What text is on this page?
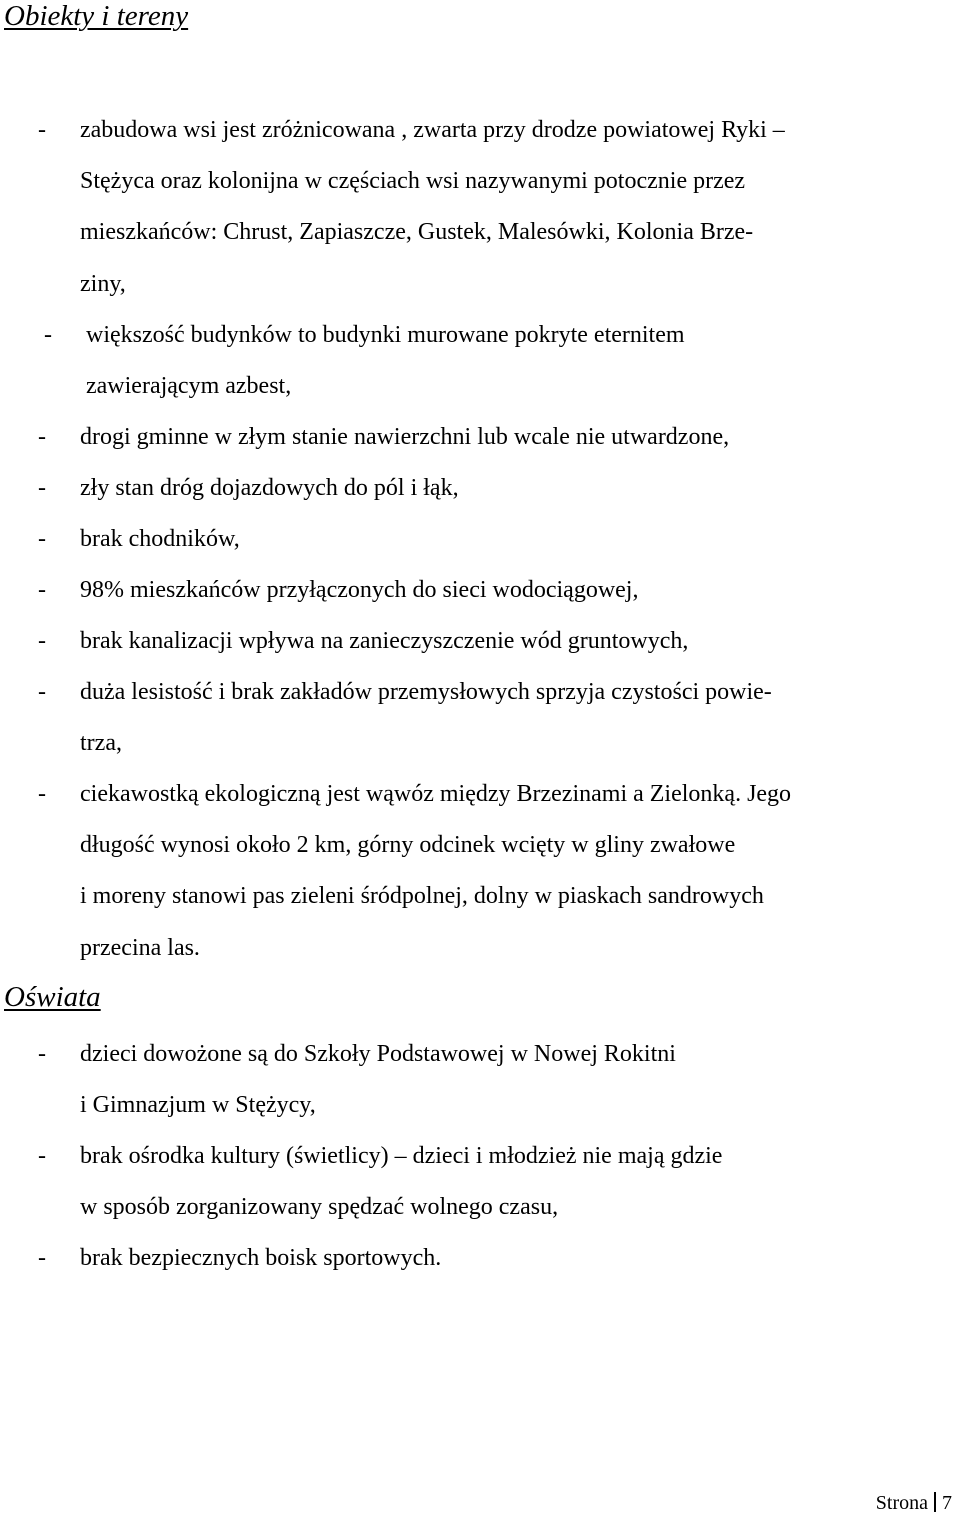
Obiekty i tereny
- zabudowa wsi jest zróżnicowana , zwarta przy drodze powiatowej Ryki –
Stężyca oraz kolonijna w częściach wsi nazywanymi potocznie przez
mieszkańców: Chrust, Zapiaszcze, Gustek, Malesówki, Kolonia Brze-
ziny,
- większość budynków to budynki murowane pokryte eternitem
zawierającym azbest,
- drogi gminne w złym stanie nawierzchni lub wcale nie utwardzone,
- zły stan dróg dojazdowych do pól i łąk,
- brak chodników,
- 98% mieszkańców przyłączonych do sieci wodociągowej,
- brak kanalizacji wpływa na zanieczyszczenie wód gruntowych,
- duża lesistość i brak zakładów przemysłowych sprzyja czystości powie-
trza,
- ciekawostką ekologiczną jest wąwóz między Brzezinami a Zielonką. Jego
długość wynosi około 2 km, górny odcinek wcięty w gliny zwałowe
i moreny stanowi pas zieleni śródpolnej, dolny w piaskach sandrowych
przecina las.
Oświata
- dzieci dowożone są do Szkoły Podstawowej w Nowej Rokitni
i Gimnazjum w Stężycy,
- brak ośrodka kultury (świetlicy) – dzieci i młodzież nie mają gdzie
w sposób zorganizowany spędzać wolnego czasu,
- brak bezpiecznych boisk sportowych.
Strona 7
